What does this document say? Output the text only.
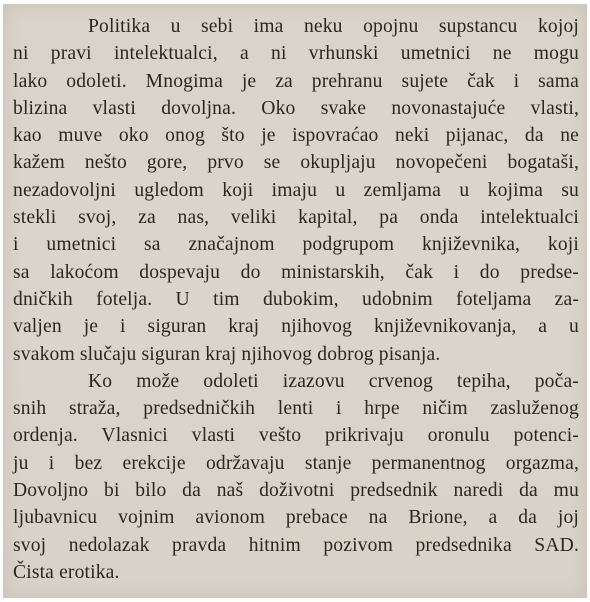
Politika u sebi ima neku opojnu supstancu kojoj
ni pravi intelektualci, a ni vrhunski umetnici ne mogu
lako odoleti. Mnogima je za prehranu sujete čak i sama
blizina vlasti dovoljna. Oko svake novonastajuće vlasti,
kao muve oko onog što je ispovraćao neki pijanac, da ne
kažem nešto gore, prvo se okupljaju novopečeni bogataši,
nezadovoljni ugledom koji imaju u zemljama u kojima su
stekli svoj, za nas, veliki kapital, pa onda intelektualci
i umetnici sa značajnom podgrupom književnika, koji
sa lakoćom dospevaju do ministarskih, čak i do predse-
dničkih fotelja. U tim dubokim, udobnim foteljama za-
valjen je i siguran kraj njihovog književnikovanja, a u
svakom slučaju siguran kraj njihovog dobrog pisanja.
Ko može odoleti izazovu crvenog tepiha, poča-
snih straža, predsedničkih lenti i hrpe ničim zasluženog
ordenja. Vlasnici vlasti vešto prikrivaju oronulu potenci-
ju i bez erekcije održavaju stanje permanentnog orgazma,
Dovoljno bi bilo da naš doživotni predsednik naredi da mu
ljubavnicu vojnim avionom prebace na Brione, a da joj
svoj nedolazak pravda hitnim pozivom predsednika SAD.
Čista erotika.
